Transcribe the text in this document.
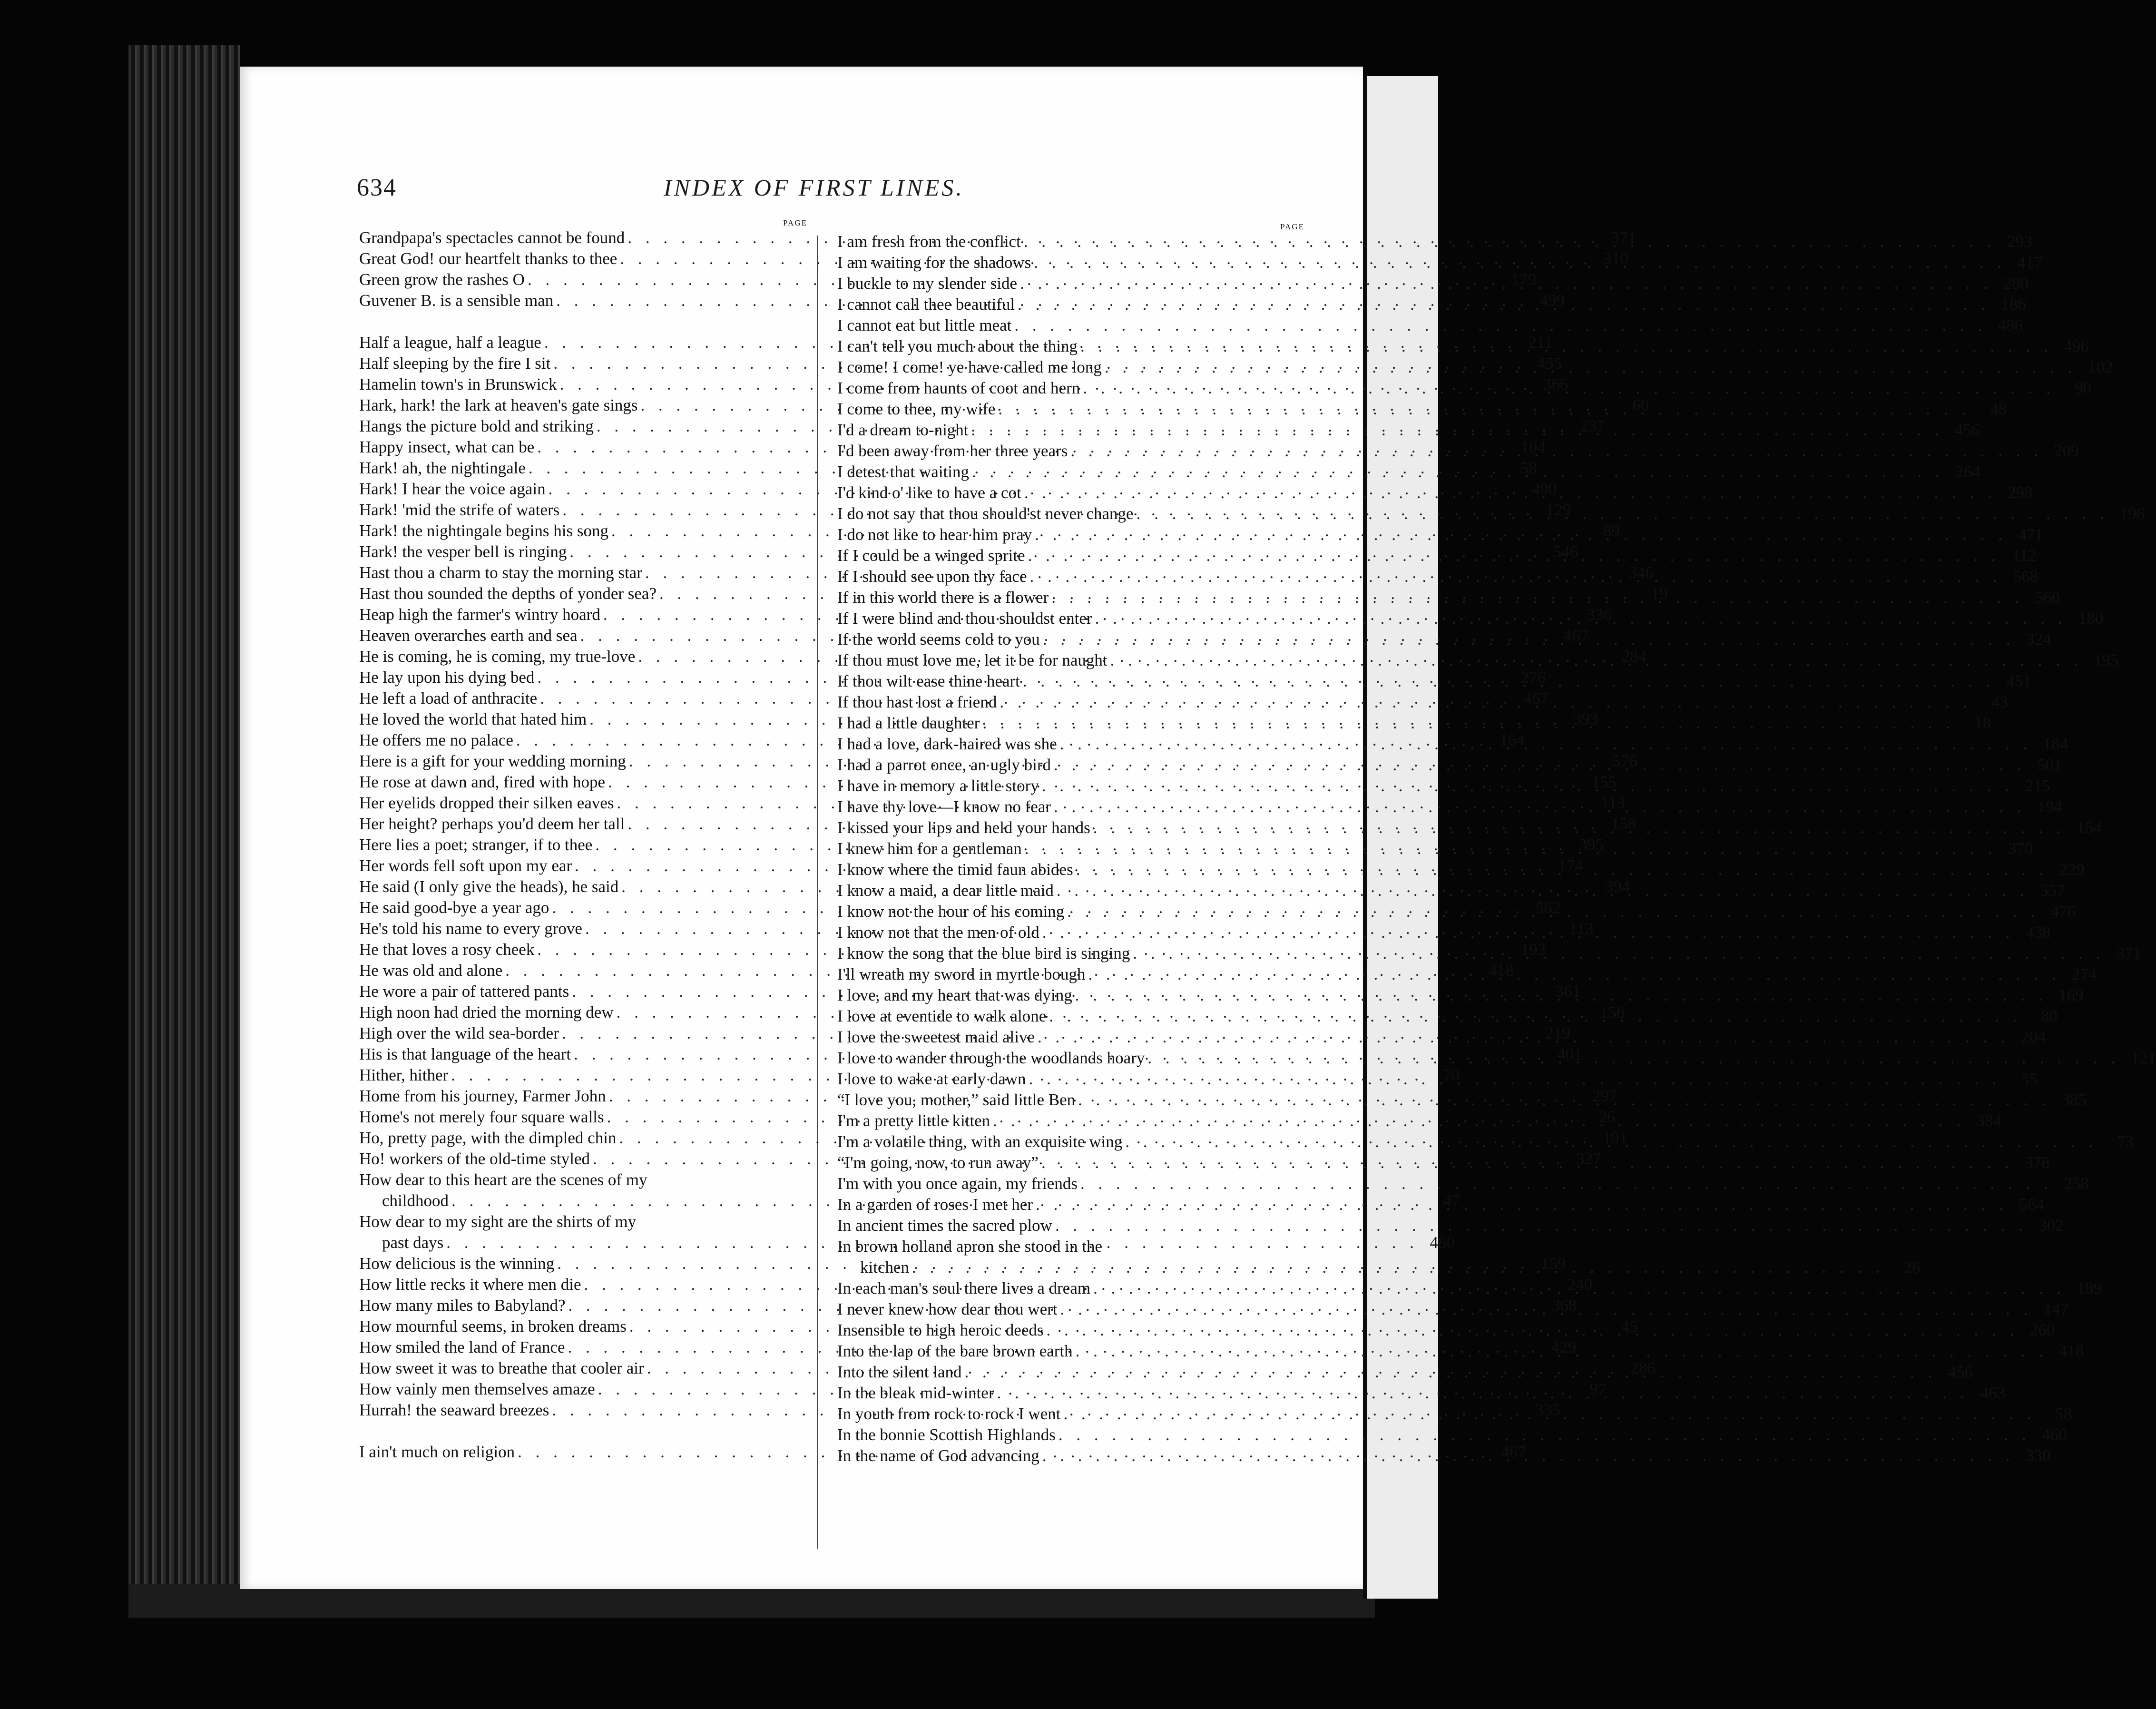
634	INDEX OF FIRST LINES.
PAGE
Grandpapa's spectacles cannot be found . . .	371
Great God! our heartfelt thanks to thee . . .	310
Green grow the rashes O . . .	179
Guvener B. is a sensible man . . .	499
Half a league, half a league . . .	211
Half sleeping by the fire I sit . . .	455
Hamelin town's in Brunswick . . .	366
Hark, hark! the lark at heaven's gate sings . . .	60
Hangs the picture bold and striking . . .	237
Happy insect, what can be . . .	104
Hark! ah, the nightingale . . .	58
Hark! I hear the voice again . . .	490
Hark! 'mid the strife of waters . . .	129
Hark! the nightingale begins his song . . .	89
Hark! the vesper bell is ringing . . .	546
Hast thou a charm to stay the morning star . . .	346
Hast thou sounded the depths of yonder sea? . . .	19
Heap high the farmer's wintry hoard . . .	336
Heaven overarches earth and sea . . .	467
He is coming, he is coming, my true-love . . .	284
He lay upon his dying bed . . .	276
He left a load of anthracite . . .	467
He loved the world that hated him . . .	393
He offers me no palace . . .	164
Here is a gift for your wedding morning . . .	576
He rose at dawn and, fired with hope . . .	155
Her eyelids dropped their silken eaves . . .	113
Her height? perhaps you'd deem her tall . . .	158
Here lies a poet; stranger, if to thee . . .	395
Her words fell soft upon my ear . . .	174
He said (I only give the heads), he said . . .	394
He said good-bye a year ago . . .	562
He's told his name to every grove . . .	113
He that loves a rosy cheek . . .	193
He was old and alone . . .	418
He wore a pair of tattered pants . . .	361
High noon had dried the morning dew . . .	156
High over the wild sea-border . . .	219
His is that language of the heart . . .	401
Hither, hither . . .	70
Home from his journey, Farmer John . . .	297
Home's not merely four square walls . . .	26
Ho, pretty page, with the dimpled chin . . .	191
Ho! workers of the old-time styled . . .	327
How dear to this heart are the scenes of my
childhood . . .	47
How dear to my sight are the shirts of my
past days . . .	480
How delicious is the winning . . .	159
How little recks it where men die . . .	240
How many miles to Babyland? . . .	368
How mournful seems, in broken dreams . . .	45
How smiled the land of France . . .	429
How sweet it was to breathe that cooler air . . .	286
How vainly men themselves amaze . . .	97
Hurrah! the seaward breezes . . .	335
I ain't much on religion . . .	467
PAGE
I am fresh from the conflict . . .	293
I am waiting for the shadows . . .	417
I buckle to my slender side . . .	280
I cannot call thee beautiful . . .	186
I cannot eat but little meat . . .	486
I can't tell you much about the thing . . .	496
I come! I come! ye have called me long . . .	102
I come from haunts of coot and hern . . .	90
I come to thee, my wife . . .	48
I'd a dream to-night . . .	456
I'd been away from her three years . . .	209
I detest that waiting . . .	264
I'd kind o' like to have a cot . . .	298
I do not say that thou should'st never change . . .	196
I do not like to hear him pray . . .	471
If I could be a winged sprite . . .	112
If I should see upon thy face . . .	568
If in this world there is a flower . . .	560
If I were blind and thou shouldst enter . . .	180
If the world seems cold to you . . .	324
If thou must love me, let it be for naught . . .	195
If thou wilt ease thine heart . . .	451
If thou hast lost a friend . . .	43
I had a little daughter . . .	18
I had a love, dark-haired was she . . .	184
I had a parrot once, an ugly bird . . .	501
I have in memory a little story . . .	215
I have thy love—I know no fear . . .	194
I kissed your lips and held your hands . . .	164
I knew him for a gentleman . . .	370
I know where the timid faun abides . . .	229
I know a maid, a dear little maid . . .	357
I know not the hour of his coming . . .	476
I know not that the men of old . . .	438
I know the song that the blue bird is singing . . .	371
I'll wreath my sword in myrtle bough . . .	274
I love, and my heart that was dying . . .	169
I love at eventide to walk alone . . .	80
I love the sweetest maid alive . . .	204
I love to wander through the woodlands hoary . . .	121
I love to wake at early dawn . . .	35
“I love you, mother,” said little Ben . . .	385
I'm a pretty little kitten . . .	384
I'm a volatile thing, with an exquisite wing . . .	73
“I'm going, now, to run away” . . .	378
I'm with you once again, my friends . . .	258
In a garden of roses I met her . . .	564
In ancient times the sacred plow . . .	302
In brown holland apron she stood in the
kitchen . . .	26
In each man's soul there lives a dream . . .	189
I never knew how dear thou wert . . .	147
Insensible to high heroic deeds . . .	260
Into the lap of the bare brown earth . . .	418
Into the silent land . . .	456
In the bleak mid-winter . . .	463
In youth from rock to rock I went . . .	58
In the bonnie Scottish Highlands . . .	460
In the name of God advancing . . .	330
